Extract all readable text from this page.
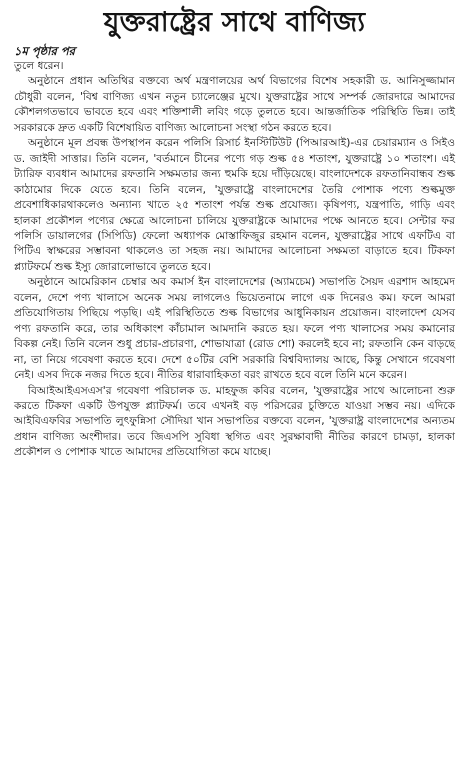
যুক্তরাষ্ট্রের সাথে বাণিজ্য
১ম পৃষ্ঠার পর

তুলে ধরেন।

অনুষ্ঠানে প্রধান অতিথির বক্তব্যে অর্থ মন্ত্রণালয়ের অর্থ বিভাগের বিশেষ সহকারী ড. আনিসুজ্জামান চৌধুরী বলেন, 'বিশ্ব বাণিজ্য এখন নতুন চ্যালেঞ্জের মুখে। যুক্তরাষ্ট্রের সাথে সম্পর্ক জোরদারে আমাদের কৌশলগতভাবে ভাবতে হবে এবং শক্তিশালী লবিং গড়ে তুলতে হবে। আন্তর্জাতিক পরিস্থিতি ভিন্ন। তাই সরকারকে দ্রুত একটি বিশেষায়িত বাণিজ্য আলোচনা সংস্থা গঠন করতে হবে।

অনুষ্ঠানে মূল প্রবন্ধ উপস্থাপন করেন পলিসি রিসার্চ ইনস্টিটিউট (পিআরআই)-এর চেয়ারম্যান ও সিইও ড. জাইদী সাত্তার। তিনি বলেন, 'বর্তমানে চীনের পণ্যে গড় শুল্ক ৫৪ শতাংশ, যুক্তরাষ্ট্রে ১০ শতাংশ। এই ট্যারিফ ব্যবধান আমাদের রফতানি সক্ষমতার জন্য হুমকি হয়ে দাঁড়িয়েছে। বাংলাদেশকে রফতানিবান্ধব শুল্ক কাঠামোর দিকে যেতে হবে। তিনি বলেন, 'যুক্তরাষ্ট্রে বাংলাদেশের তৈরি পোশাক পণ্যে শুল্কমুক্ত প্রবেশাধিকারথাকলেও অন্যান্য খাতে ২৫ শতাংশ পর্যন্ত শুল্ক প্রযোজ্য। কৃষিপণ্য, যন্ত্রপাতি, গাড়ি এবং হালকা প্রকৌশল পণ্যের ক্ষেত্রে আলোচনা চালিয়ে যুক্তরাষ্ট্রকে আমাদের পক্ষে আনতে হবে। সেন্টার ফর পলিসি ডায়ালগের (সিপিডি) ফেলো অধ্যাপক মোস্তাফিজুর রহমান বলেন, যুক্তরাষ্ট্রের সাথে এফটিএ বা পিটিএ স্বাক্ষরের সম্ভাবনা থাকলেও তা সহজ নয়। আমাদের আলোচনা সক্ষমতা বাড়াতে হবে। টিকফা প্ল্যাটফর্মে শুল্ক ইস্যু জোরালোভাবে তুলতে হবে।

অনুষ্ঠানে আমেরিকান চেম্বার অব কমার্স ইন বাংলাদেশের (অ্যামচেম) সভাপতি সৈয়দ এরশাদ আহমেদ বলেন, দেশে পণ্য খালাসে অনেক সময় লাগলেও ভিয়েতনামে লাগে এক দিনেরও কম। ফলে আমরা প্রতিযোগিতায় পিছিয়ে পড়ছি। এই পরিস্থিতিতে শুল্ক বিভাগের আধুনিকায়ন প্রয়োজন। বাংলাদেশ যেসব পণ্য রফতানি করে, তার অধিকাংশ কাঁচামাল আমদানি করতে হয়। ফলে পণ্য খালাসের সময় কমানোর বিকল্প নেই। তিনি বলেন শুধু প্রচার-প্রচারণা, শোভাযাত্রা (রোড শো) করলেই হবে না; রফতানি কেন বাড়ছে না, তা নিয়ে গবেষণা করতে হবে। দেশে ৫০টির বেশি সরকারি বিশ্ববিদ্যালয় আছে, কিন্তু সেখানে গবেষণা নেই। এসব দিকে নজর দিতে হবে। নীতির ধারাবাহিকতা বরং রাখতে হবে বলে তিনি মনে করেন।

বিআইআইএসএস'র গবেষণা পরিচালক ড. মাহফুজ কবির বলেন, 'যুক্তরাষ্ট্রের সাথে আলোচনা শুরু করতে টিকফা একটি উপযুক্ত প্ল্যাটফর্ম। তবে এখনই বড় পরিসরের চুক্তিতে যাওয়া সম্ভব নয়। এদিকে আইবিএফবির সভাপতি লুৎফুন্নিসা সৌদিয়া খান সভাপতির বক্তব্যে বলেন, 'যুক্তরাষ্ট্র বাংলাদেশের অন্যতম প্রধান বাণিজ্য অংশীদার। তবে জিএসপি সুবিধা স্থগিত এবং সুরক্ষাবাদী নীতির কারণে চামড়া, হালকা প্রকৌশল ও পোশাক খাতে আমাদের প্রতিযোগিতা কমে যাচ্ছে।
